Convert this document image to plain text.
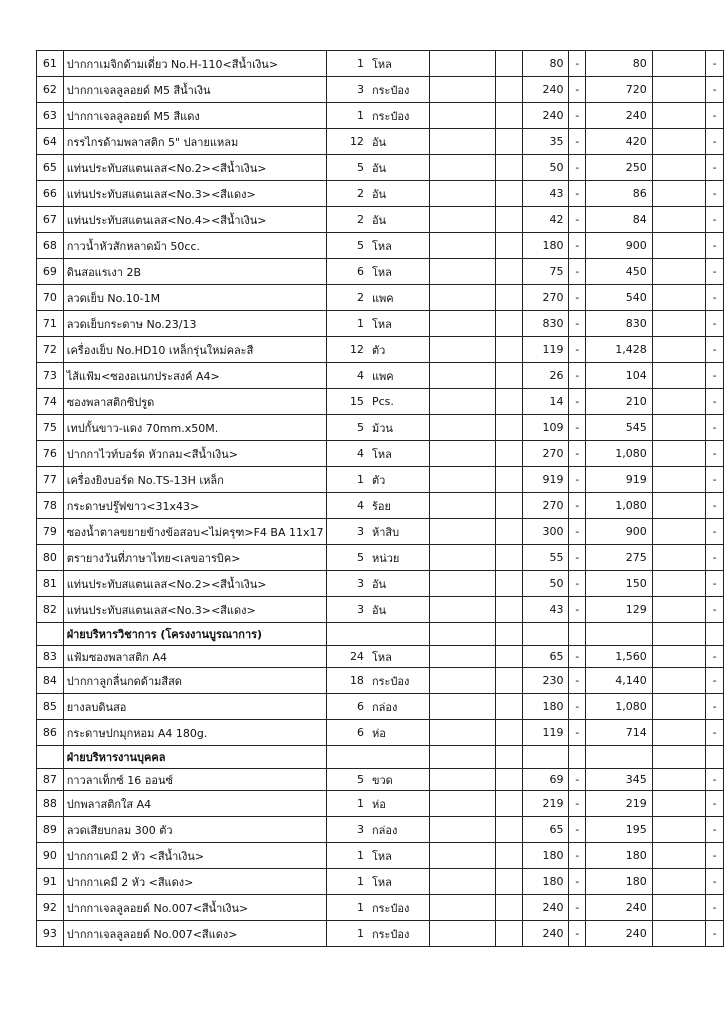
61	ปากกาเมจิกด้ามเดี่ยว No.H-110<สีน้ำเงิน>	1	โหล			80	-	80		-
62	ปากกาเจลลูลอยด์ M5 สีน้ำเงิน	3	กระป๋อง			240	-	720		-
63	ปากกาเจลลูลอยด์ M5 สีแดง	1	กระป๋อง			240	-	240		-
64	กรรไกรด้ามพลาสติก 5" ปลายแหลม	12	อัน			35	-	420		-
65	แท่นประทับสแตนเลส<No.2><สีน้ำเงิน>	5	อัน			50	-	250		-
66	แท่นประทับสแตนเลส<No.3><สีแดง>	2	อัน			43	-	86		-
67	แท่นประทับสแตนเลส<No.4><สีน้ำเงิน>	2	อัน			42	-	84		-
68	กาวน้ำหัวสักหลาดม้า 50cc.	5	โหล			180	-	900		-
69	ดินสอแรเงา 2B	6	โหล			75	-	450		-
70	ลวดเย็บ No.10-1M	2	แพค			270	-	540		-
71	ลวดเย็บกระดาษ No.23/13	1	โหล			830	-	830		-
72	เครื่องเย็บ No.HD10 เหล็กรุ่นใหม่คละสี	12	ตัว			119	-	1,428		-
73	ไส้แฟ้ม<ซองอเนกประสงค์ A4>	4	แพค			26	-	104		-
74	ซองพลาสติกซิปรูด	15	Pcs.			14	-	210		-
75	เทปกั้นขาว-แดง 70mm.x50M.	5	ม้วน			109	-	545		-
76	ปากกาไวท์บอร์ด หัวกลม<สีน้ำเงิน>	4	โหล			270	-	1,080		-
77	เครื่องยิงบอร์ด No.TS-13H เหล็ก	1	ตัว			919	-	919		-
78	กระดาษปรู๊ฟขาว<31x43>	4	ร้อย			270	-	1,080		-
79	ซองน้ำตาลขยายข้างข้อสอบ<ไม่ครุฑ>F4 BA 11x17	3	ห้าสิบ			300	-	900		-
80	ตรายางวันที่ภาษาไทย<เลขอารบิค>	5	หน่วย			55	-	275		-
81	แท่นประทับสแตนเลส<No.2><สีน้ำเงิน>	3	อัน			50	-	150		-
82	แท่นประทับสแตนเลส<No.3><สีแดง>	3	อัน			43	-	129		-
	ฝ่ายบริหารวิชาการ (โครงงานบูรณาการ)									
83	แฟ้มซองพลาสติก A4	24	โหล			65	-	1,560		-
84	ปากกาลูกลื่นกดด้ามสีสด	18	กระป๋อง			230	-	4,140		-
85	ยางลบดินสอ	6	กล่อง			180	-	1,080		-
86	กระดาษปกมุกหอม A4 180g.	6	ห่อ			119	-	714		-
	ฝ่ายบริหารงานบุคคล									
87	กาวลาเท็กซ์ 16 ออนซ์	5	ขวด			69	-	345		-
88	ปกพลาสติกใส A4	1	ห่อ			219	-	219		-
89	ลวดเสียบกลม 300 ตัว	3	กล่อง			65	-	195		-
90	ปากกาเคมี 2 หัว <สีน้ำเงิน>	1	โหล			180	-	180		-
91	ปากกาเคมี 2 หัว <สีแดง>	1	โหล			180	-	180		-
92	ปากกาเจลลูลอยด์ No.007<สีน้ำเงิน>	1	กระป๋อง			240	-	240		-
93	ปากกาเจลลูลอยด์ No.007<สีแดง>	1	กระป๋อง			240	-	240		-
